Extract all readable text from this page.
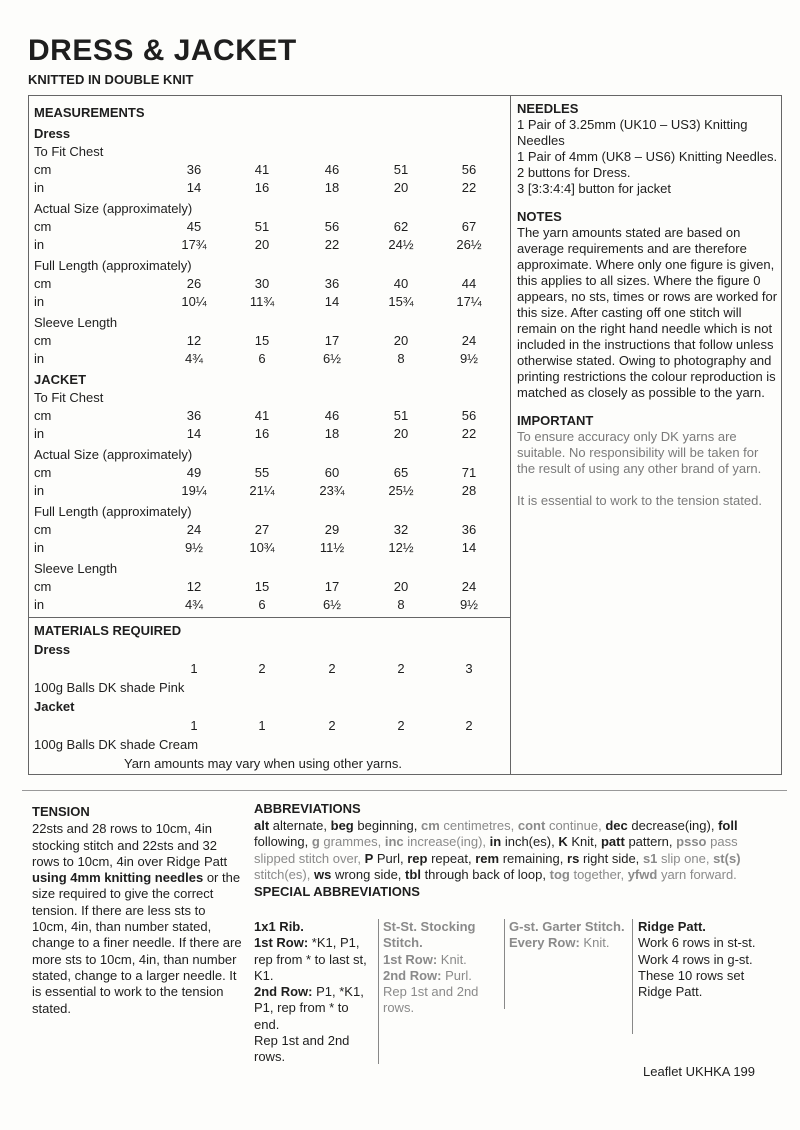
DRESS & JACKET
KNITTED IN DOUBLE KNIT
MEASUREMENTS
Dress
To Fit Chest
cm	36	41	46	51	56
in	14	16	18	20	22
Actual Size (approximately)
cm	45	51	56	62	67
in	17¾	20	22	24½	26½
Full Length (approximately)
cm	26	30	36	40	44
in	10¼	11¾	14	15¾	17¼
Sleeve Length
cm	12	15	17	20	24
in	4¾	6	6½	8	9½
JACKET
To Fit Chest
cm	36	41	46	51	56
in	14	16	18	20	22
Actual Size (approximately)
cm	49	55	60	65	71
in	19¼	21¼	23¾	25½	28
Full Length (approximately)
cm	24	27	29	32	36
in	9½	10¾	11½	12½	14
Sleeve Length
cm	12	15	17	20	24
in	4¾	6	6½	8	9½
MATERIALS REQUIRED
Dress
1	2	2	2	3
100g Balls DK shade Pink
Jacket
1	1	2	2	2
100g Balls DK shade Cream
Yarn amounts may vary when using other yarns.
NEEDLES

1 Pair of 3.25mm (UK10 – US3) Knitting Needles

1 Pair of 4mm (UK8 – US6) Knitting Needles.

2 buttons for Dress.

3 [3:3:4:4] button for jacket

NOTES

The yarn amounts stated are based on average requirements and are therefore approximate. Where only one figure is given, this applies to all sizes. Where the figure 0 appears, no sts, times or rows are worked for this size. After casting off one stitch will remain on the right hand needle which is not included in the instructions that follow unless otherwise stated. Owing to photography and printing restrictions the colour reproduction is matched as closely as possible to the yarn.

IMPORTANT

To ensure accuracy only DK yarns are suitable. No responsibility will be taken for the result of using any other brand of yarn.

It is essential to work to the tension stated.

TENSION

22sts and 28 rows to 10cm, 4in stocking stitch and 22sts and 32 rows to 10cm, 4in over Ridge Patt using 4mm knitting needles or the size required to give the correct tension. If there are less sts to 10cm, 4in, than number stated, change to a finer needle. If there are more sts to 10cm, 4in, than number stated, change to a larger needle. It is essential to work to the tension stated.

ABBREVIATIONS

alt alternate, beg beginning, cm centimetres, cont continue, dec decrease(ing), foll following, g grammes, inc increase(ing), in inch(es), K Knit, patt pattern, psso pass slipped stitch over, P Purl, rep repeat, rem remaining, rs right side, s1 slip one, st(s) stitch(es), ws wrong side, tbl through back of loop, tog together, yfwd yarn forward.

SPECIAL ABBREVIATIONS

1x1 Rib.

1st Row: *K1, P1, rep from * to last st, K1.

2nd Row: P1, *K1, P1, rep from * to end.

Rep 1st and 2nd rows.

St-St. Stocking Stitch.

1st Row: Knit.

2nd Row: Purl.

Rep 1st and 2nd rows.

G-st. Garter Stitch.

Every Row: Knit.

Ridge Patt.

Work 6 rows in st-st.

Work 4 rows in g-st.

These 10 rows set Ridge Patt.

Leaflet UKHKA 199
